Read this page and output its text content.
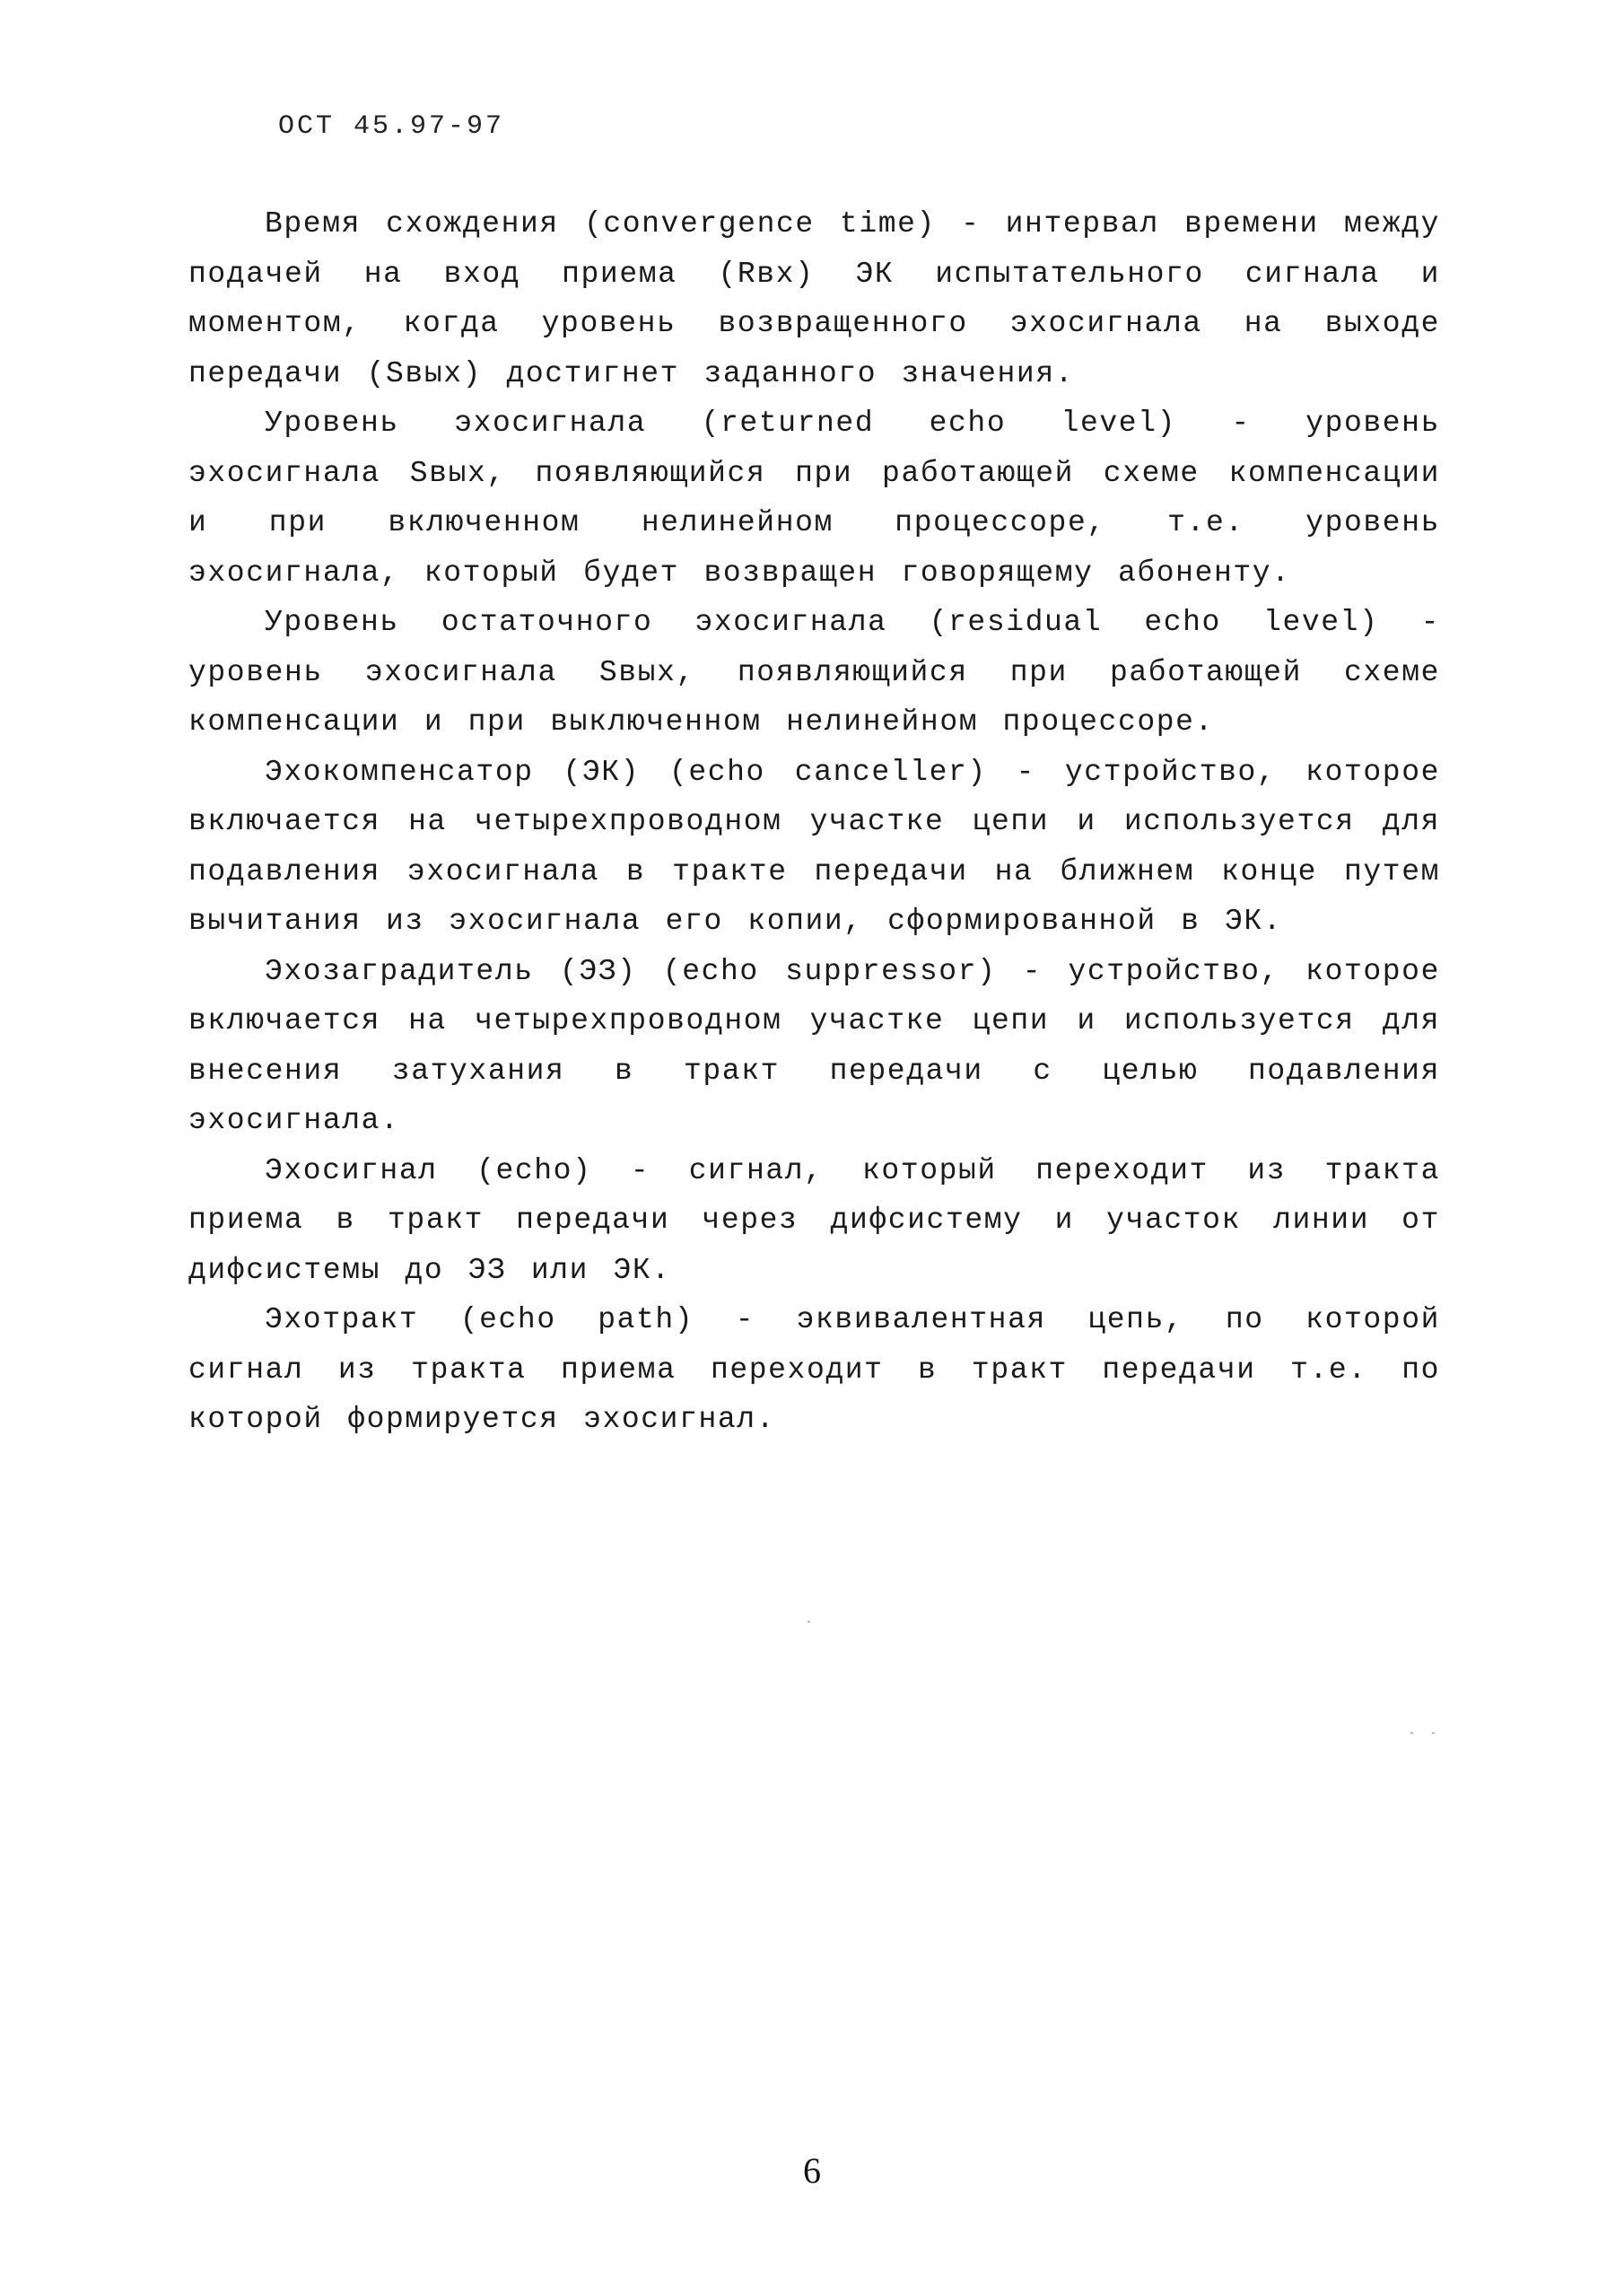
ОСТ 45.97-97

Время схождения (convergence time) - интервал времени между подачей на вход приема (Rвх) ЭК испытательного сигнала и моментом, когда уровень возвращенного эхосигнала на выходе передачи (Sвых) достигнет заданного значения.

Уровень эхосигнала (returned echo level) - уровень эхосигнала Sвых, появляющийся при работающей схеме компенсации и при включенном нелинейном процессоре, т.е. уровень эхосигнала, который будет возвращен говорящему абоненту.

Уровень остаточного эхосигнала (residual echo level) - уровень эхосигнала Sвых, появляющийся при работающей схеме компенсации и при выключенном нелинейном процессоре.

Эхокомпенсатор (ЭК) (echo canceller) - устройство, которое включается на четырехпроводном участке цепи и используется для подавления эхосигнала в тракте передачи на ближнем конце путем вычитания из эхосигнала его копии, сформированной в ЭК.

Эхозаградитель (ЭЗ) (echo suppressor) - устройство, которое включается на четырехпроводном участке цепи и используется для внесения затухания в тракт передачи с целью подавления эхосигнала.

Эхосигнал (echo) - сигнал, который переходит из тракта приема в тракт передачи через дифсистему и участок линии от дифсистемы до ЭЗ или ЭК.

Эхотракт (echo path) - эквивалентная цепь, по которой сигнал из тракта приема переходит в тракт передачи т.е. по которой формируется эхосигнал.

6
